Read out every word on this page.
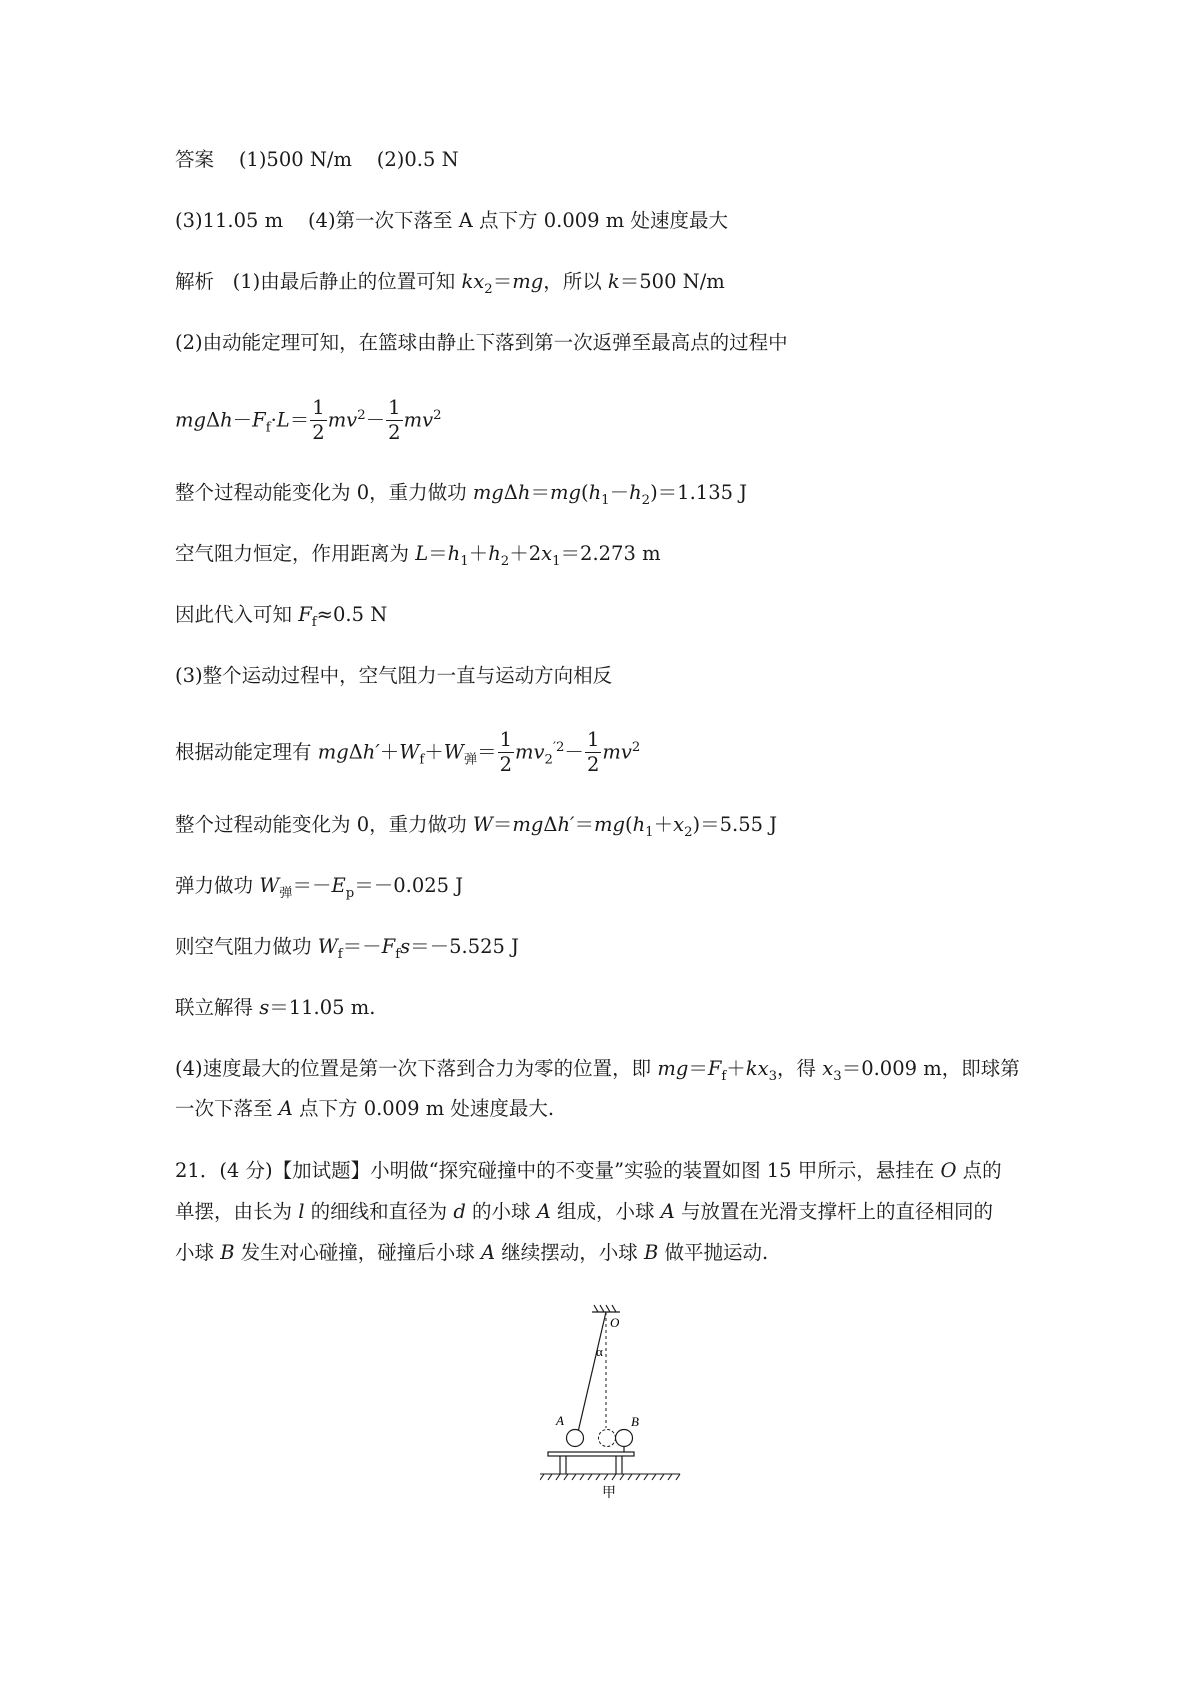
答案 (1)500 N/m (2)0.5 N
(3)11.05 m (4)第一次下落至 A 点下方 0.009 m 处速度最大
解析 (1)由最后静止的位置可知 $kx_2=mg$，所以 k＝500 N/m
(2)由动能定理可知，在篮球由静止下落到第一次返弹至最高点的过程中
$mg\Delta h-F_f\cdot L= \frac{1}{2} mv^2- \frac{1}{2} mv^2$
整个过程动能变化为 0，重力做功 $mg\Delta h=mg(h_1-h_2)=1.135$ J
空气阻力恒定，作用距离为 $L=h_1+h_2+2x_1=2.273$ m
因此代入可知 $F_f\approx 0.5$ N
(3)整个运动过程中，空气阻力一直与运动方向相反
根据动能定理有 $mg\Delta h'+W_f+W_弹= \frac{1}{2} mv_2^{'2}- \frac{1}{2} mv^2$
整个过程动能变化为 0，重力做功 $W=mg\Delta h'=mg(h_1+x_2)=5.55$ J
弹力做功 $W_弹=-E_p=-0.025$ J
则空气阻力做功 $W_f=-F_fs=-5.525$ J
联立解得 s＝11.05 m.
(4)速度最大的位置是第一次下落到合力为零的位置，即 $mg=F_f+kx_3$，得 $x_3=0.009$ m，即球第
一次下落至 A 点下方 0.009 m 处速度最大.
21．(4 分)【加试题】小明做“探究碰撞中的不变量”实验的装置如图 15 甲所示，悬挂在 O 点的
单摆，由长为 l 的细线和直径为 d 的小球 A 组成，小球 A 与放置在光滑支撑杆上的直径相同的
小球 B 发生对心碰撞，碰撞后小球 A 继续摆动，小球 B 做平抛运动.
O
α
A	B
甲
